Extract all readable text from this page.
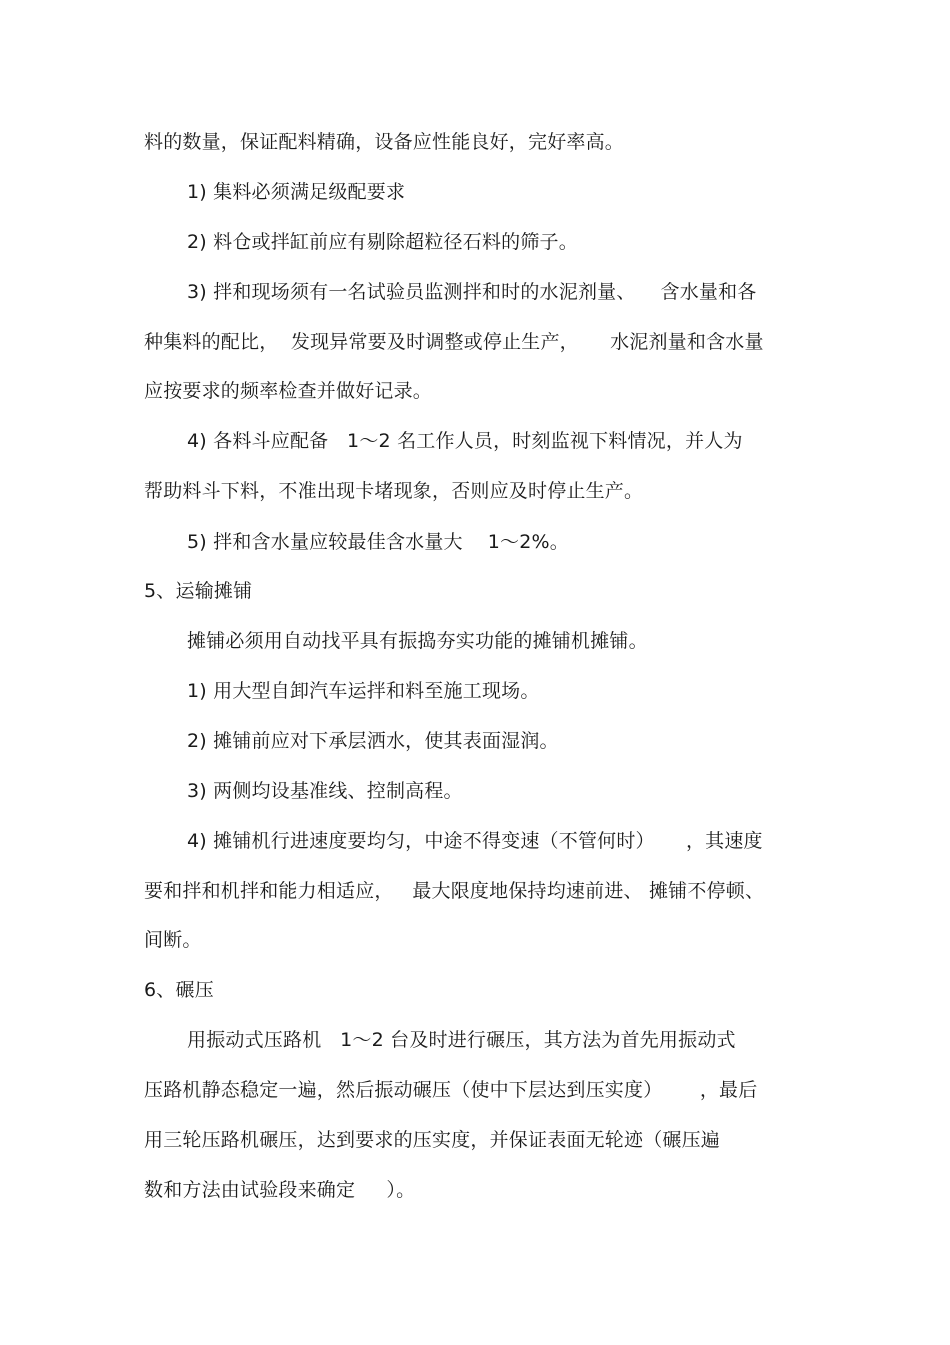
料的数量，保证配料精确，设备应性能良好，完好率高。
1) 集料必须满足级配要求
2) 料仓或拌缸前应有剔除超粒径石料的筛子。
3) 拌和现场须有一名试验员监测拌和时的水泥剂量、    含水量和各
种集料的配比，  发现异常要及时调整或停止生产，     水泥剂量和含水量
应按要求的频率检查并做好记录。
4) 各料斗应配备   1～2 名工作人员，时刻监视下料情况，并人为
帮助料斗下料，不准出现卡堵现象，否则应及时停止生产。
5) 拌和含水量应较最佳含水量大    1～2%。
5、运输摊铺
摊铺必须用自动找平具有振捣夯实功能的摊铺机摊铺。
1) 用大型自卸汽车运拌和料至施工现场。
2) 摊铺前应对下承层洒水，使其表面湿润。
3) 两侧均设基准线、控制高程。
4) 摊铺机行进速度要均匀，中途不得变速（不管何时）     ，其速度
要和拌和机拌和能力相适应，   最大限度地保持均速前进、 摊铺不停顿、
间断。
6、碾压
用振动式压路机   1～2 台及时进行碾压，其方法为首先用振动式
压路机静态稳定一遍，然后振动碾压（使中下层达到压实度）      ，最后
用三轮压路机碾压，达到要求的压实度，并保证表面无轮迹（碾压遍
数和方法由试验段来确定     ）。
